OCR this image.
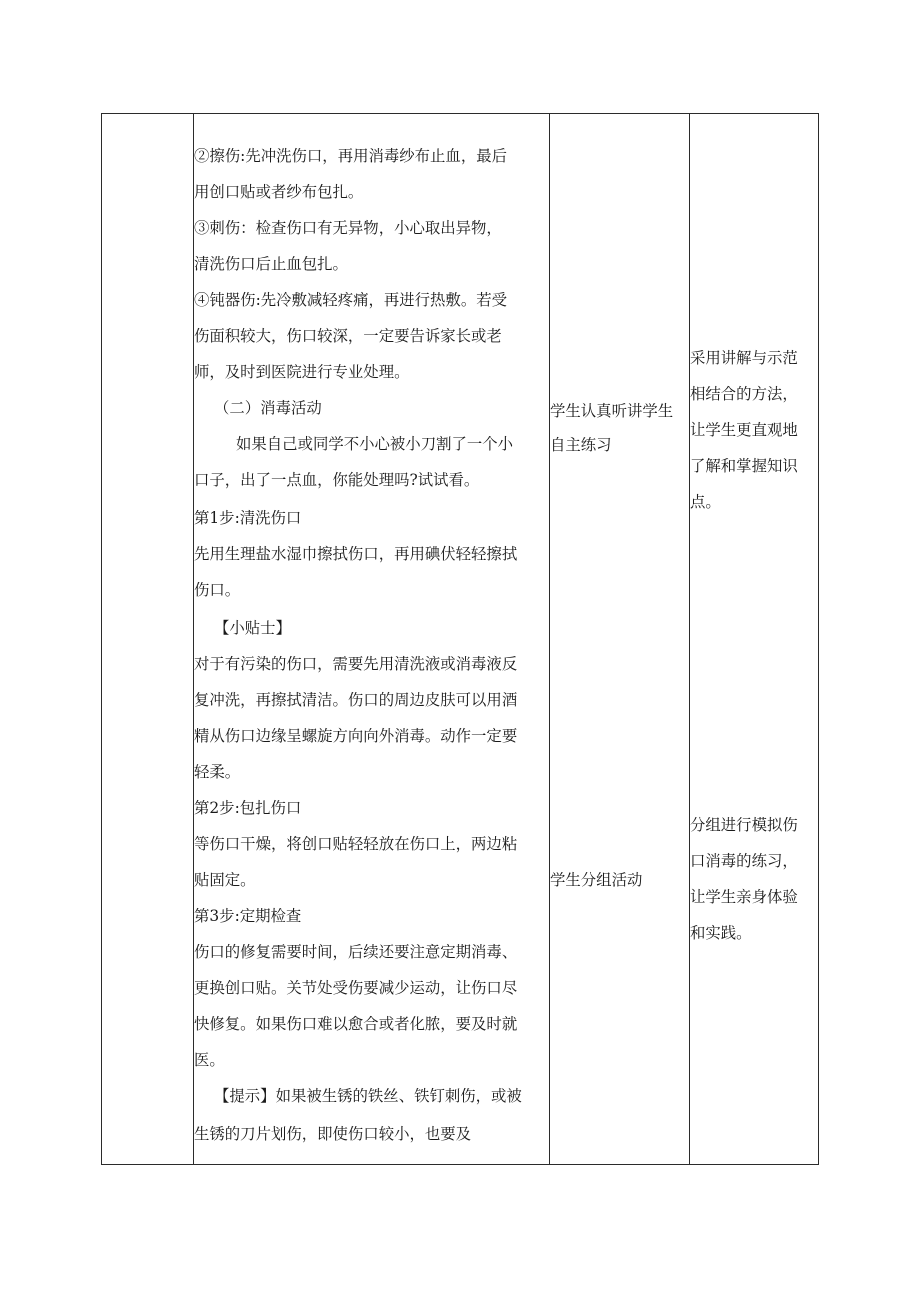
②擦伤:先冲洗伤口，再用消毒纱布止血，最后
用创口贴或者纱布包扎。
③刺伤：检查伤口有无异物，小心取出异物，
清洗伤口后止血包扎。
④钝器伤:先冷敷减轻疼痛，再进行热敷。若受
伤面积较大，伤口较深，一定要告诉家长或老
师，及时到医院进行专业处理。
（二）消毒活动
如果自己或同学不小心被小刀割了一个小
口子，出了一点血，你能处理吗?试试看。
第1步:清洗伤口
先用生理盐水湿巾擦拭伤口，再用碘伏轻轻擦拭
伤口。
【小贴士】
对于有污染的伤口，需要先用清洗液或消毒液反
复冲洗，再擦拭清洁。伤口的周边皮肤可以用酒
精从伤口边缘呈螺旋方向向外消毒。动作一定要
轻柔。
第2步:包扎伤口
等伤口干燥，将创口贴轻轻放在伤口上，两边粘
贴固定。
第3步:定期检查
伤口的修复需要时间，后续还要注意定期消毒、
更换创口贴。关节处受伤要减少运动，让伤口尽
快修复。如果伤口难以愈合或者化脓，要及时就
医。
【提示】如果被生锈的铁丝、铁钉刺伤，或被
生锈的刀片划伤，即使伤口较小，也要及
学生认真听讲学生
自主练习
学生分组活动
采用讲解与示范
相结合的方法，
让学生更直观地
了解和掌握知识
点。
分组进行模拟伤
口消毒的练习，
让学生亲身体验
和实践。
